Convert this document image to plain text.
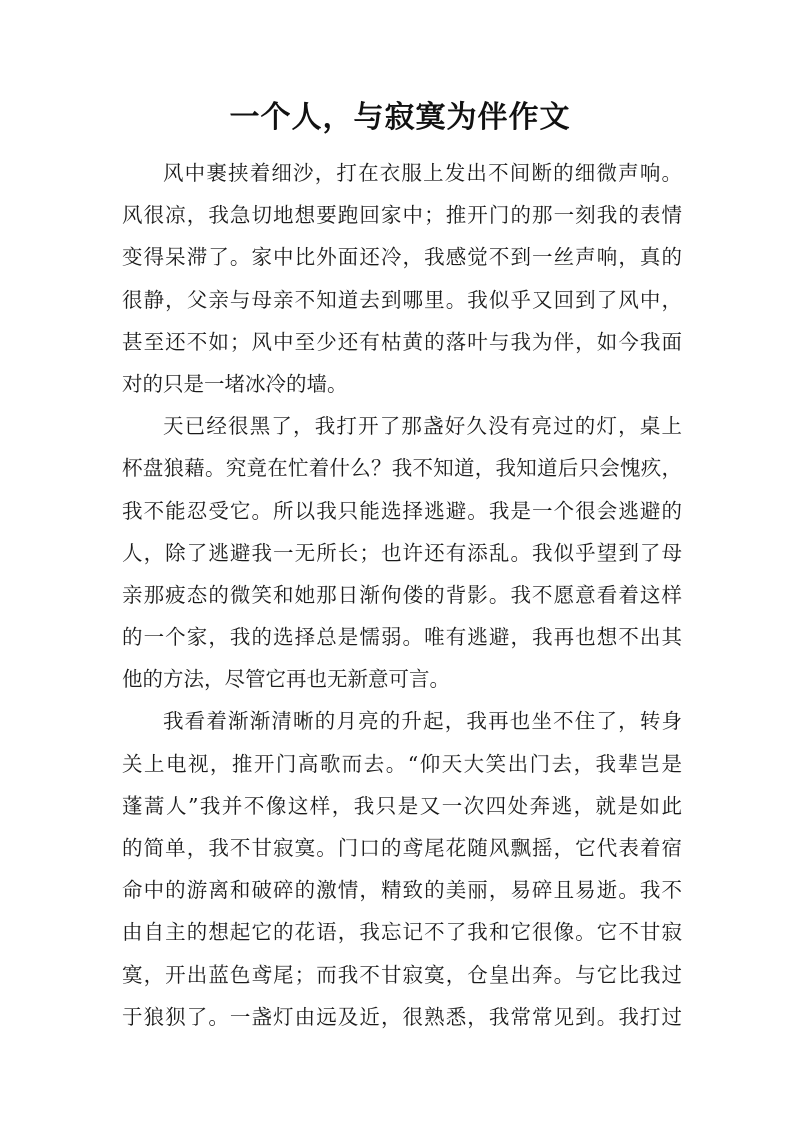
一个人，与寂寞为伴作文
风中裹挟着细沙，打在衣服上发出不间断的细微声响。
风很凉，我急切地想要跑回家中；推开门的那一刻我的表情
变得呆滞了。家中比外面还冷，我感觉不到一丝声响，真的
很静，父亲与母亲不知道去到哪里。我似乎又回到了风中，
甚至还不如；风中至少还有枯黄的落叶与我为伴，如今我面
对的只是一堵冰冷的墙。
天已经很黑了，我打开了那盏好久没有亮过的灯，桌上
杯盘狼藉。究竟在忙着什么？我不知道，我知道后只会愧疚，
我不能忍受它。所以我只能选择逃避。我是一个很会逃避的
人，除了逃避我一无所长；也许还有添乱。我似乎望到了母
亲那疲态的微笑和她那日渐佝偻的背影。我不愿意看着这样
的一个家，我的选择总是懦弱。唯有逃避，我再也想不出其
他的方法，尽管它再也无新意可言。
我看着渐渐清晰的月亮的升起，我再也坐不住了，转身
关上电视，推开门高歌而去。“仰天大笑出门去，我辈岂是
蓬蒿人”我并不像这样，我只是又一次四处奔逃，就是如此
的简单，我不甘寂寞。门口的鸢尾花随风飘摇，它代表着宿
命中的游离和破碎的激情，精致的美丽，易碎且易逝。我不
由自主的想起它的花语，我忘记不了我和它很像。它不甘寂
寞，开出蓝色鸢尾；而我不甘寂寞，仓皇出奔。与它比我过
于狼狈了。一盏灯由远及近，很熟悉，我常常见到。我打过
